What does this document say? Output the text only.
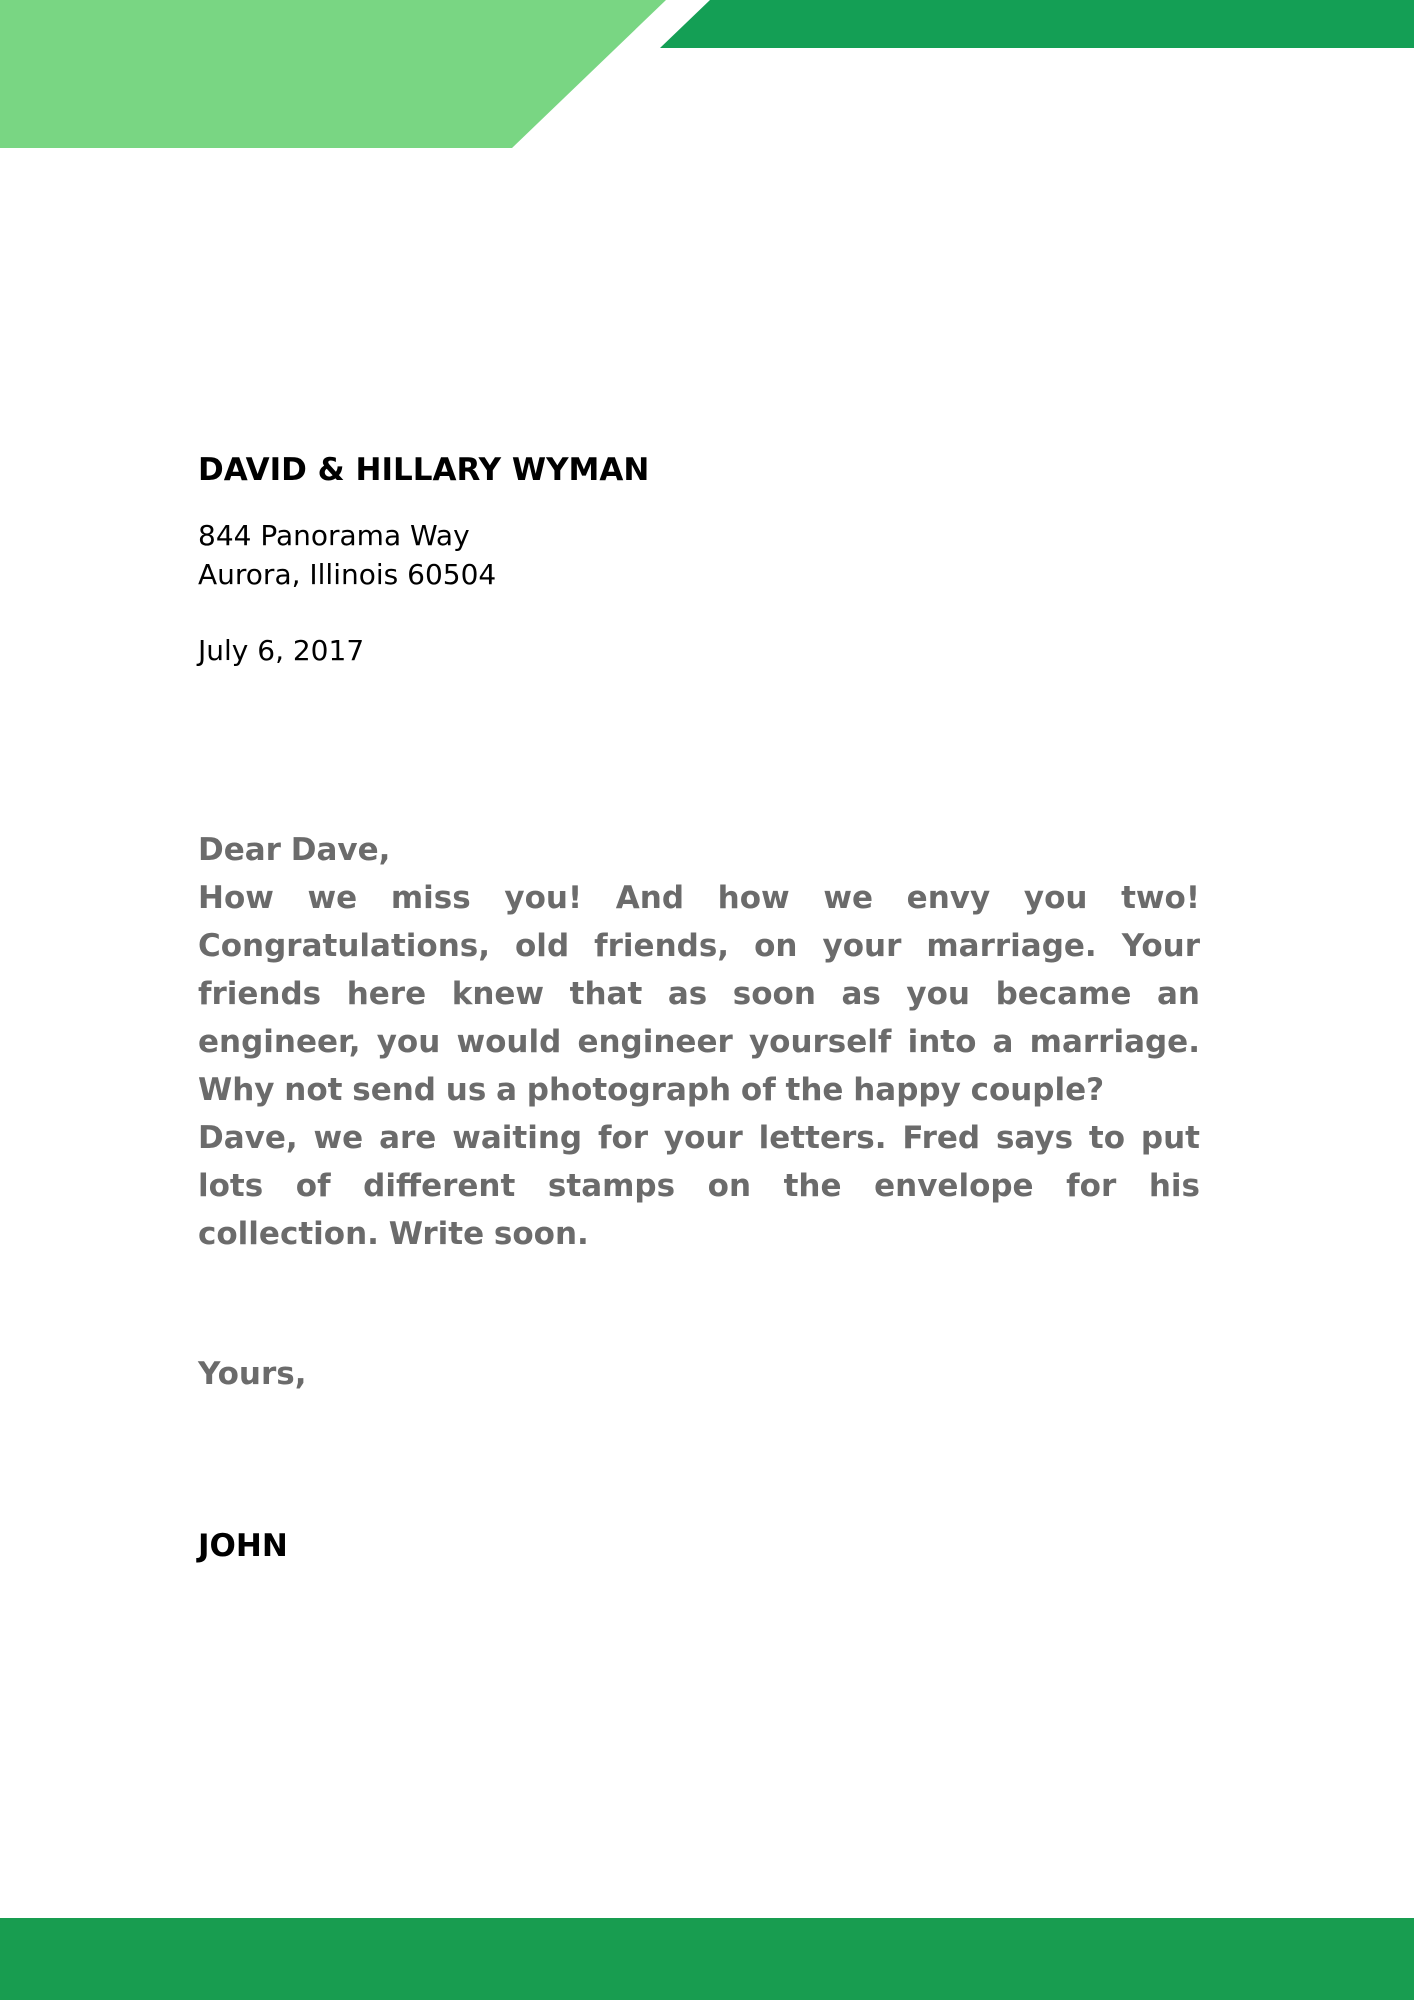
DAVID & HILLARY WYMAN
844 Panorama Way
Aurora, Illinois 60504
July 6, 2017

Dear Dave,

How we miss you! And how we envy you two! Congratulations, old friends, on your marriage. Your friends here knew that as soon as you became an engineer, you would engineer yourself into a marriage. Why not send us a photograph of the happy couple?

Dave, we are waiting for your letters. Fred says to put lots of different stamps on the envelope for his collection. Write soon.

Yours,
JOHN
